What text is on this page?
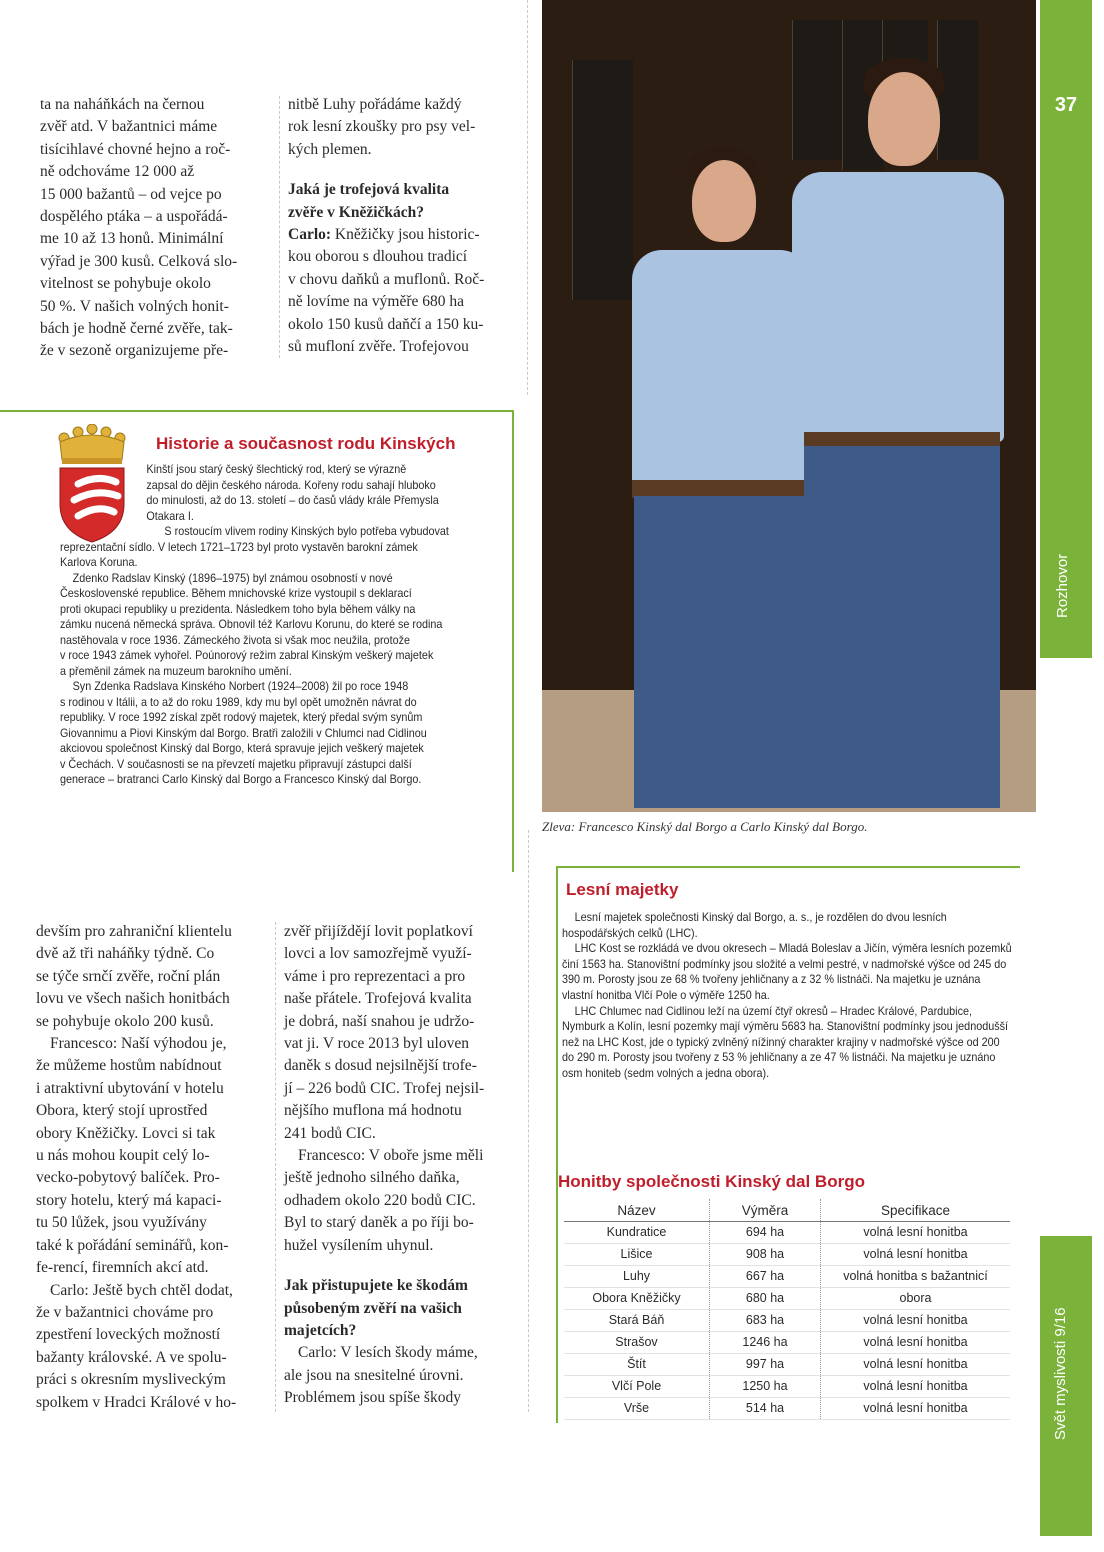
ta na naháňkách na černou

zvěř atd. V bažantnici máme

tisícihlavé chovné hejno a roč-

ně odchováme 12 000 až

15 000 bažantů – od vejce po

dospělého ptáka – a uspořádá-

me 10 až 13 honů. Minimální

výřad je 300 kusů. Celková slo-

vitelnost se pohybuje okolo

50 %. V našich volných honit-

bách je hodně černé zvěře, tak-

že v sezoně organizujeme pře-

nitbě Luhy pořádáme každý

rok lesní zkoušky pro psy vel-

kých plemen.

Jaká je trofejová kvalita

zvěře v Kněžičkách?

Carlo: Kněžičky jsou historic-

kou oborou s dlouhou tradicí

v chovu daňků a muflonů. Roč-

ně lovíme na výměře 680 ha

okolo 150 kusů daňčí a 150 ku-

sů mufloní zvěře. Trofejovou

Zleva: Francesco Kinský dal Borgo a Carlo Kinský dal Borgo.
37
Rozhovor
Svět myslivosti 9/16
Historie a současnost rodu Kinských

Kinští jsou starý český šlechtický rod, který se výrazně

zapsal do dějin českého národa. Kořeny rodu sahají hluboko

do minulosti, až do 13. století – do časů vlády krále Přemysla

Otakara I.

S rostoucím vlivem rodiny Kinských bylo potřeba vybudovat

reprezentační sídlo. V letech 1721–1723 byl proto vystavěn barokní zámek

Karlova Koruna.

Zdenko Radslav Kinský (1896–1975) byl známou osobností v nové

Československé republice. Během mnichovské krize vystoupil s deklarací

proti okupaci republiky u prezidenta. Následkem toho byla během války na

zámku nucená německá správa. Obnovil též Karlovu Korunu, do které se rodina

nastěhovala v roce 1936. Zámeckého života si však moc neužila, protože

v roce 1943 zámek vyhořel. Poúnorový režim zabral Kinským veškerý majetek

a přeměnil zámek na muzeum barokního umění.

Syn Zdenka Radslava Kinského Norbert (1924–2008) žil po roce 1948

s rodinou v Itálii, a to až do roku 1989, kdy mu byl opět umožněn návrat do

republiky. V roce 1992 získal zpět rodový majetek, který předal svým synům

Giovannimu a Piovi Kinským dal Borgo. Bratři založili v Chlumci nad Cidlinou

akciovou společnost Kinský dal Borgo, která spravuje jejich veškerý majetek

v Čechách. V současnosti se na převzetí majetku připravují zástupci další

generace – bratranci Carlo Kinský dal Borgo a Francesco Kinský dal Borgo.

devším pro zahraniční klientelu

dvě až tři naháňky týdně. Co

se týče srnčí zvěře, roční plán

lovu ve všech našich honitbách

se pohybuje okolo 200 kusů.

Francesco: Naší výhodou je,

že můžeme hostům nabídnout

i atraktivní ubytování v hotelu

Obora, který stojí uprostřed

obory Kněžičky. Lovci si tak

u nás mohou koupit celý lo-

vecko-pobytový balíček. Pro-

story hotelu, který má kapaci-

tu 50 lůžek, jsou využívány

také k pořádání seminářů, kon-

fe-rencí, firemních akcí atd.

Carlo: Ještě bych chtěl dodat,

že v bažantnici chováme pro

zpestření loveckých možností

bažanty královské. A ve spolu-

práci s okresním mysliveckým

spolkem v Hradci Králové v ho-

zvěř přijíždějí lovit poplatkoví

lovci a lov samozřejmě využí-

váme i pro reprezentaci a pro

naše přátele. Trofejová kvalita

je dobrá, naší snahou je udržo-

vat ji. V roce 2013 byl uloven

daněk s dosud nejsilnější trofe-

jí – 226 bodů CIC. Trofej nejsil-

nějšího muflona má hodnotu

241 bodů CIC.

Francesco: V oboře jsme měli

ještě jednoho silného daňka,

odhadem okolo 220 bodů CIC.

Byl to starý daněk a po říji bo-

hužel vysílením uhynul.

Jak přistupujete ke škodám

působeným zvěří na vašich

majetcích?

Carlo: V lesích škody máme,

ale jsou na snesitelné úrovni.

Problémem jsou spíše škody

Lesní majetky

Lesní majetek společnosti Kinský dal Borgo, a. s., je rozdělen do dvou lesních hospodářských celků (LHC).

LHC Kost se rozkládá ve dvou okresech – Mladá Boleslav a Jičín, výměra lesních pozemků činí 1563 ha. Stanovištní podmínky jsou složité a velmi pestré, v nadmořské výšce od 245 do 390 m. Porosty jsou ze 68 % tvořeny jehličnany a z 32 % listnáči. Na majetku je uznána vlastní honitba Vlčí Pole o výměře 1250 ha.

LHC Chlumec nad Cidlinou leží na území čtyř okresů – Hradec Králové, Pardubice, Nymburk a Kolín, lesní pozemky mají výměru 5683 ha. Stanovištní podmínky jsou jednodušší než na LHC Kost, jde o typický zvlněný nížinný charakter krajiny v nadmořské výšce od 200 do 290 m. Porosty jsou tvořeny z 53 % jehličnany a ze 47 % listnáči. Na majetku je uznáno osm honiteb (sedm volných a jedna obora).

Honitby společnosti Kinský dal Borgo
Název	Výměra	Specifikace
Kundratice	694 ha	volná lesní honitba
Lišice	908 ha	volná lesní honitba
Luhy	667 ha	volná honitba s bažantnicí
Obora Kněžičky	680 ha	obora
Stará Báň	683 ha	volná lesní honitba
Strašov	1246 ha	volná lesní honitba
Štít	997 ha	volná lesní honitba
Vlčí Pole	1250 ha	volná lesní honitba
Vrše	514 ha	volná lesní honitba
